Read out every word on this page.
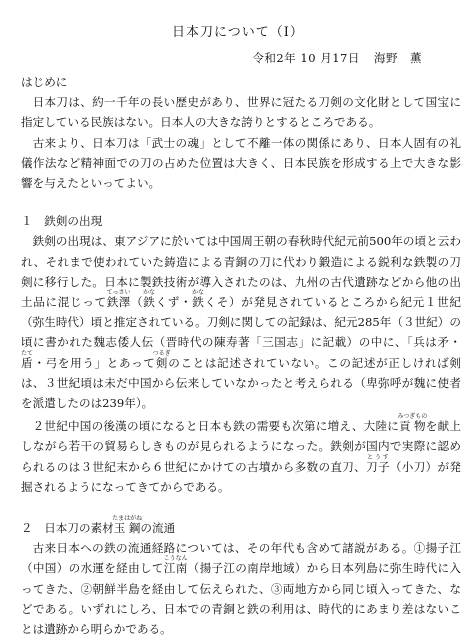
日本刀について（Ⅰ）
令和2年 10 月17日 海野　薫

はじめに

日本刀は、約一千年の長い歴史があり、世界に冠たる刀剣の文化財として国宝に指定している民族はない。日本人の大きな誇りとするところである。

古来より、日本刀は「武士の魂」として不離一体の関係にあり、日本人固有の礼儀作法など精神面での刀の占めた位置は大きく、日本民族を形成する上で大きな影響を与えたといってよい。

１　鉄剣の出現

鉄剣の出現は、東アジアに於いては中国周王朝の春秋時代紀元前500年の頃と云われ、それまで使われていた鋳造による青銅の刀に代わり鍛造による鋭利な鉄製の刀剣に移行した。日本に製鉄技術が導入されたのは、九州の古代遺跡などから他の出土品に混じって鉄澤てっさい（鉄かなくず・鉄かなくそ）が発見されているところから紀元１世紀（弥生時代）頃と推定されている。刀剣に関しての記録は、紀元285年（３世紀）の頃に書かれた魏志倭人伝（晋時代の陳寿著「三国志」に記載）の中に、「兵は矛・盾たて・弓を用う」とあって剣つるぎのことは記述されていない。この記述が正しければ剣は、３世紀頃は未だ中国から伝来していなかったと考えられる（卑弥呼が魏に使者を派遣したのは239年）。

２世紀中国の後漢の頃になると日本も鉄の需要も次第に増え、大陸に貢物みつぎものを献上しながら若干の貿易らしきものが見られるようになった。鉄剣が国内で実際に認められるのは３世紀末から６世紀にかけての古墳から多数の直刀、刀子とうす（小刀）が発掘されるようになってきてからである。

２　日本刀の素材玉鋼たまはがねの流通

古来日本への鉄の流通経路については、その年代も含めて諸説がある。①揚子江（中国）の水運を経由して江南こうなん（揚子江の南岸地域）から日本列島に弥生時代に入ってきた、②朝鮮半島を経由して伝えられた、③両地方から同じ頃入ってきた、などである。いずれにしろ、日本での青銅と鉄の利用は、時代的にあまり差はないことは遺跡から明らかである。
